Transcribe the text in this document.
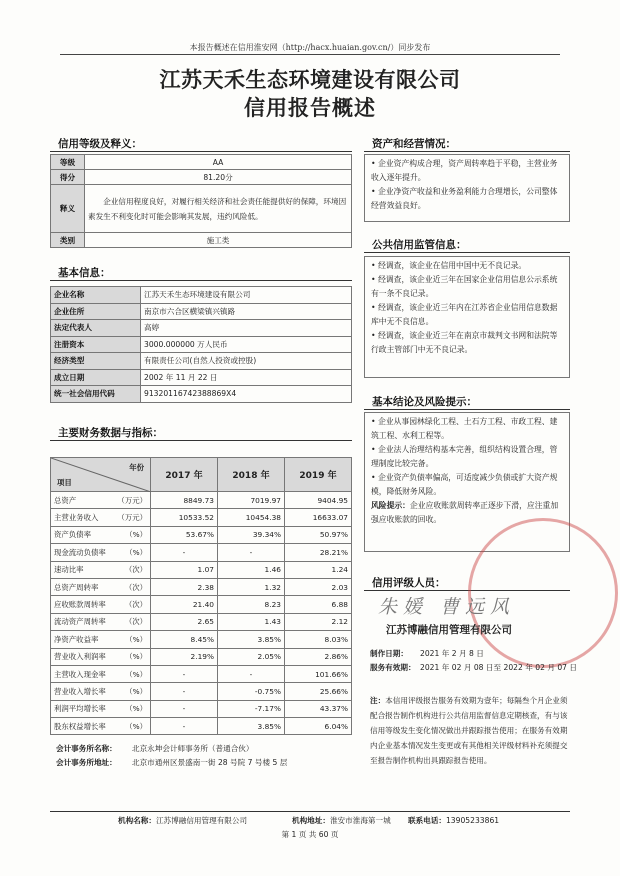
本报告概述在信用淮安网（http://hacx.huaian.gov.cn/）同步发布
江苏天禾生态环境建设有限公司
信用报告概述
信用等级及释义：
等级	AA
得分	81.20分
释义	企业信用程度良好，对履行相关经济和社会责任能提供好的保障，环境因素发生不利变化时可能会影响其发展，违约风险低。
类别	施工类
基本信息：
企业名称	江苏天禾生态环境建设有限公司
企业住所	南京市六合区横梁镇兴镇路
法定代表人	高婷
注册资本	3000.000000 万人民币
经济类型	有限责任公司(自然人投资或控股)
成立日期	2002 年 11 月 22 日
统一社会信用代码	91320116742388869X4
主要财务数据与指标：
年份
项目	2017 年	2018 年	2019 年
总资产 （万元）	8849.73	7019.97	9404.95
主营业务收入 （万元）	10533.52	10454.38	16633.07
资产负债率 （%）	53.67%	39.34%	50.97%
现金流动负债率 （%）	-	-	28.21%
速动比率 （次）	1.07	1.46	1.24
总资产周转率 （次）	2.38	1.32	2.03
应收账款周转率 （次）	21.40	8.23	6.88
流动资产周转率 （次）	2.65	1.43	2.12
净资产收益率 （%）	8.45%	3.85%	8.03%
营业收入利润率 （%）	2.19%	2.05%	2.86%
主营收入现金率 （%）	-	-	101.66%
营业收入增长率 （%）	-	-0.75%	25.66%
利润平均增长率 （%）	-	-7.17%	43.37%
股东权益增长率 （%）	-	3.85%	6.04%
会计事务所名称： 北京永坤会计师事务所（普通合伙）
会计事务所地址： 北京市通州区景盛南一街 28 号院 7 号楼 5 层
资产和经营情况：
• 企业资产构成合理，资产周转率趋于平稳，主营业务收入逐年提升。
• 企业净资产收益和业务盈利能力合理增长，公司整体经营效益良好。
公共信用监管信息：
• 经调查，该企业在信用中国中无不良记录。
• 经调查，该企业近三年在国家企业信用信息公示系统有一条不良记录。
• 经调查，该企业近三年内在江苏省企业信用信息数据库中无不良信息。
• 经调查，该企业近三年在南京市裁判文书网和法院等行政主管部门中无不良记录。
基本结论及风险提示：
• 企业从事园林绿化工程、土石方工程、市政工程、建筑工程、水利工程等。
• 企业法人治理结构基本完善，组织结构设置合理，管理制度比较完备。
• 企业资产负债率偏高，可适度减少负债或扩大资产规模，降低财务风险。
风险提示：企业应收账款周转率正逐步下滑，应注重加强应收账款的回收。
信用评级人员：
朱媛 曹远风
江苏博融信用管理有限公司
制作日期： 2021 年 2 月 8 日
服务有效期： 2021 年 02 月 08 日至 2022 年 02 月 07 日
注：本信用评级报告服务有效期为壹年；每隔叁个月企业须配合报告制作机构进行公共信用监督信息定期核查，有与该信用等级发生变化情况做出并跟踪报告使用；在服务有效期内企业基本情况发生变更或有其他相关评级材料补充须提交至报告制作机构出具跟踪报告使用。
机构名称：江苏博融信用管理有限公司	机构地址：淮安市淮海第一城 联系电话：13905233861
第 1 页 共 60 页
